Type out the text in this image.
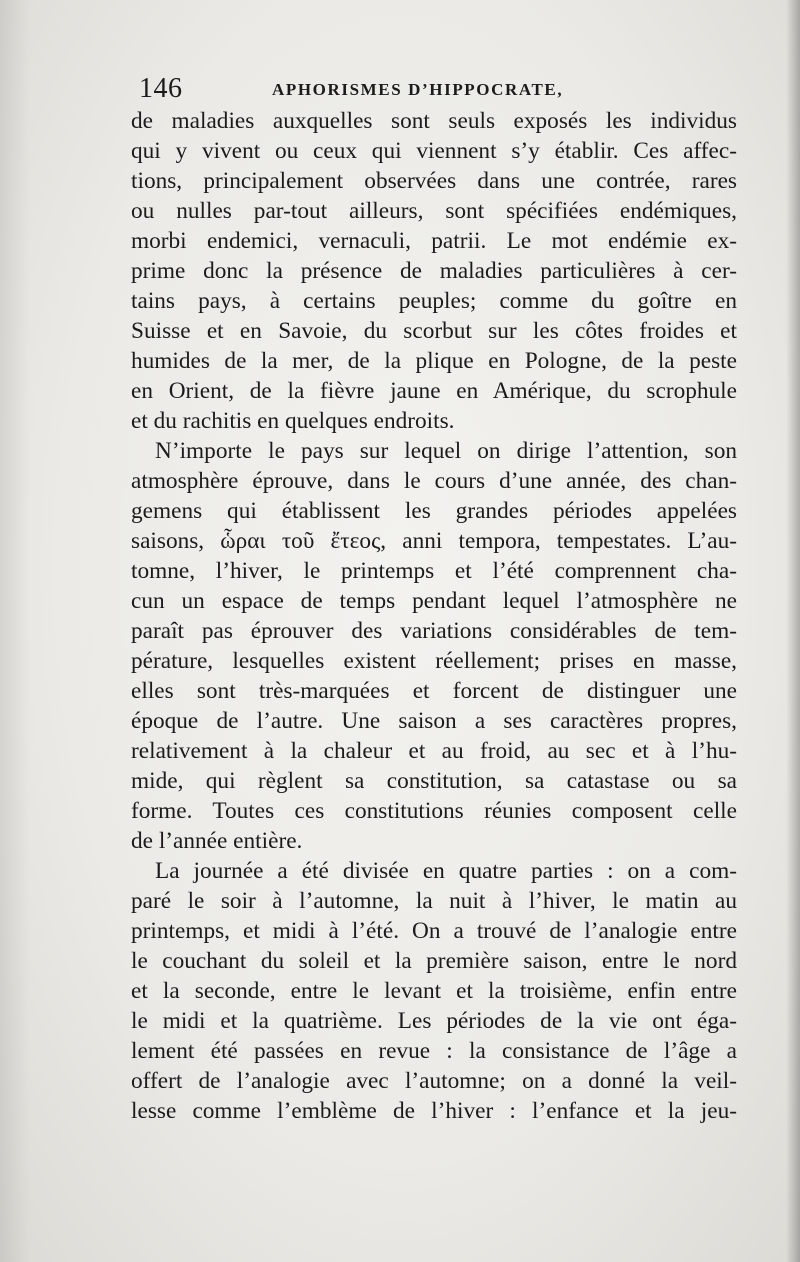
146	APHORISMES D’HIPPOCRATE,
de maladies auxquelles sont seuls exposés les individus
qui y vivent ou ceux qui viennent s’y établir. Ces affec-
tions, principalement observées dans une contrée, rares
ou nulles par-tout ailleurs, sont spécifiées endémiques,
morbi endemici, vernaculi, patrii. Le mot endémie ex-
prime donc la présence de maladies particulières à cer-
tains pays, à certains peuples; comme du goître en
Suisse et en Savoie, du scorbut sur les côtes froides et
humides de la mer, de la plique en Pologne, de la peste
en Orient, de la fièvre jaune en Amérique, du scrophule
et du rachitis en quelques endroits.
N’importe le pays sur lequel on dirige l’attention, son
atmosphère éprouve, dans le cours d’une année, des chan-
gemens qui établissent les grandes périodes appelées
saisons, ὧραι τοῦ ἔτεος, anni tempora, tempestates. L’au-
tomne, l’hiver, le printemps et l’été comprennent cha-
cun un espace de temps pendant lequel l’atmosphère ne
paraît pas éprouver des variations considérables de tem-
pérature, lesquelles existent réellement; prises en masse,
elles sont très-marquées et forcent de distinguer une
époque de l’autre. Une saison a ses caractères propres,
relativement à la chaleur et au froid, au sec et à l’hu-
mide, qui règlent sa constitution, sa catastase ou sa
forme. Toutes ces constitutions réunies composent celle
de l’année entière.
La journée a été divisée en quatre parties : on a com-
paré le soir à l’automne, la nuit à l’hiver, le matin au
printemps, et midi à l’été. On a trouvé de l’analogie entre
le couchant du soleil et la première saison, entre le nord
et la seconde, entre le levant et la troisième, enfin entre
le midi et la quatrième. Les périodes de la vie ont éga-
lement été passées en revue : la consistance de l’âge a
offert de l’analogie avec l’automne; on a donné la veil-
lesse comme l’emblème de l’hiver : l’enfance et la jeu-
